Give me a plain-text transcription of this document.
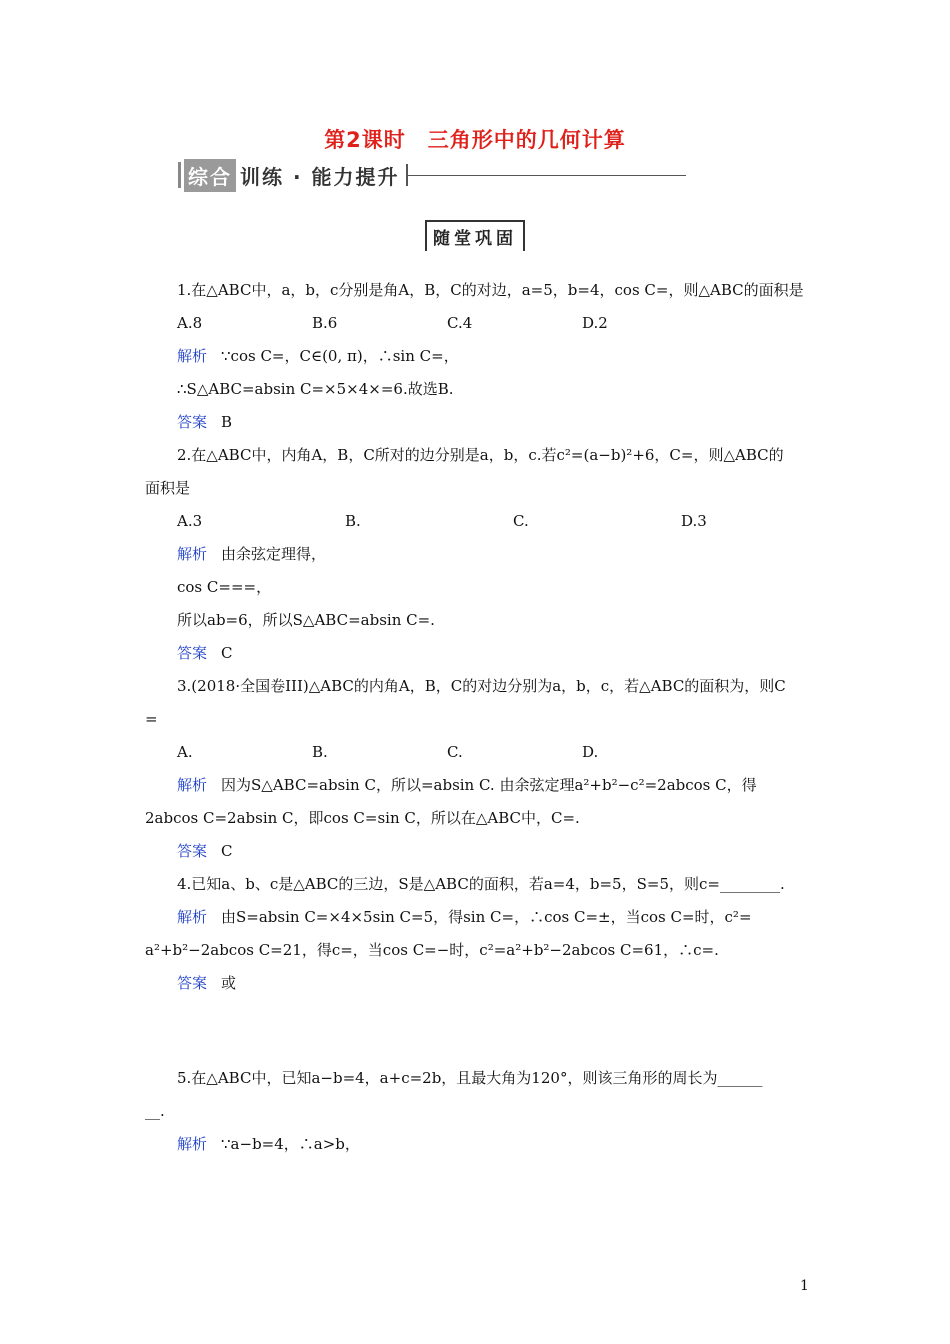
第2课时　三角形中的几何计算
综合 训练 · 能力提升
随堂巩固

1.在△ABC中，a，b，c分别是角A，B，C的对边，a=5，b=4，cos C=，则△ABC的面积是

A.8	B.6	C.4	D.2

解析 ∵cos C=，C∈(0, π)，∴sin C=，

∴S△ABC=absin C=×5×4×=6.故选B.

答案 B

2.在△ABC中，内角A，B，C所对的边分别是a，b，c.若c²=(a−b)²+6，C=，则△ABC的

面积是

A.3	B.	C.	D.3

解析 由余弦定理得，

cos C===，

所以ab=6，所以S△ABC=absin C=.

答案 C

3.(2018·全国卷III)△ABC的内角A，B，C的对边分别为a，b，c，若△ABC的面积为，则C

=

A.	B.	C.	D.

解析 因为S△ABC=absin C，所以=absin C. 由余弦定理a²+b²−c²=2abcos C，得

2abcos C=2absin C，即cos C=sin C，所以在△ABC中，C=.

答案 C

4.已知a、b、c是△ABC的三边，S是△ABC的面积，若a=4，b=5，S=5，则c=________.

解析 由S=absin C=×4×5sin C=5，得sin C=，∴cos C=±，当cos C=时，c²=

a²+b²−2abcos C=21，得c=，当cos C=−时，c²=a²+b²−2abcos C=61，∴c=.

答案 或

5.在△ABC中，已知a−b=4，a+c=2b，且最大角为120°，则该三角形的周长为______

__.

解析 ∵a−b=4，∴a>b，

1
